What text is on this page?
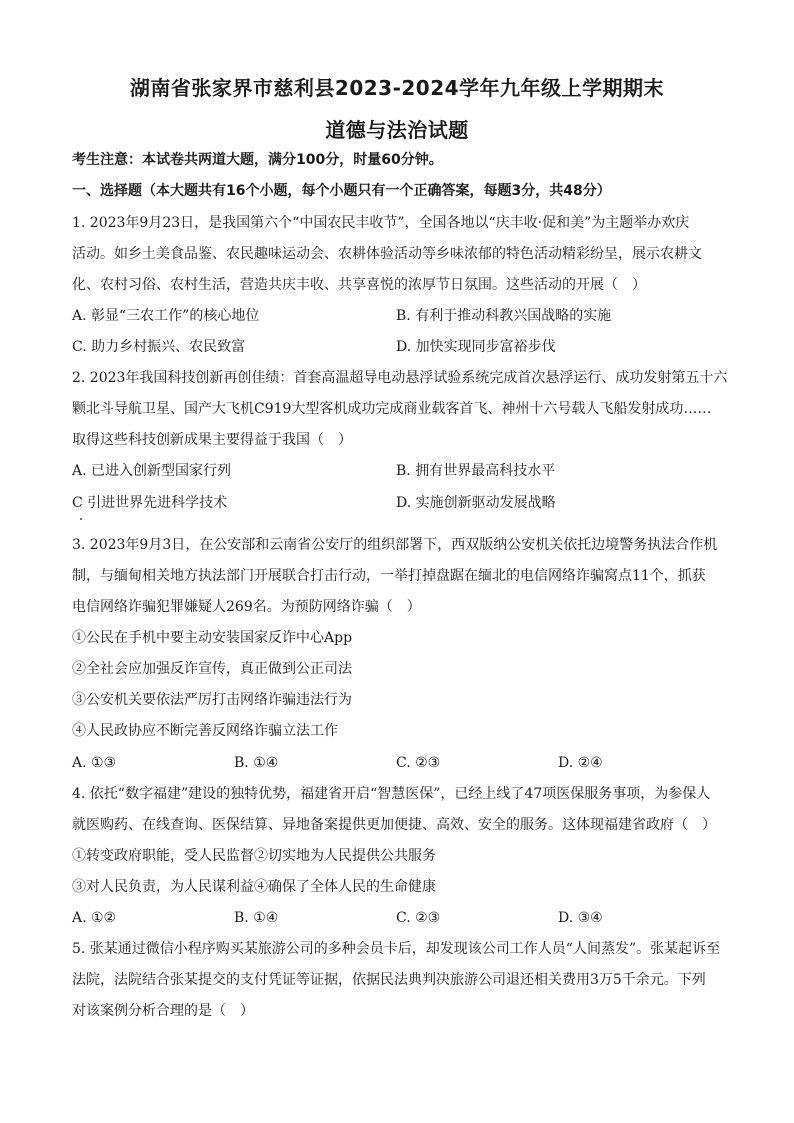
湖南省张家界市慈利县2023-2024学年九年级上学期期末
道德与法治试题
考生注意：本试卷共两道大题，满分100分，时量60分钟。
一、选择题（本大题共有16个小题，每个小题只有一个正确答案，每题3分，共48分）
1. 2023年9月23日，是我国第六个“中国农民丰收节”，全国各地以“庆丰收·促和美”为主题举办欢庆
活动。如乡土美食品鉴、农民趣味运动会、农耕体验活动等乡味浓郁的特色活动精彩纷呈，展示农耕文
化、农村习俗、农村生活，营造共庆丰收、共享喜悦的浓厚节日氛围。这些活动的开展（　）
A. 彰显“三农工作”的核心地位	B. 有利于推动科教兴国战略的实施
C. 助力乡村振兴、农民致富	D. 加快实现同步富裕步伐
2. 2023年我国科技创新再创佳绩：首套高温超导电动悬浮试验系统完成首次悬浮运行、成功发射第五十六
颗北斗导航卫星、国产大飞机C919大型客机成功完成商业载客首飞、神州十六号载人飞船发射成功……
取得这些科技创新成果主要得益于我国（　）
A. 已进入创新型国家行列	B. 拥有世界最高科技水平
C 引进世界先进科学技术	D. 实施创新驱动发展战略
3. 2023年9月3日，在公安部和云南省公安厅的组织部署下，西双版纳公安机关依托边境警务执法合作机
制，与缅甸相关地方执法部门开展联合打击行动，一举打掉盘踞在缅北的电信网络诈骗窝点11个，抓获
电信网络诈骗犯罪嫌疑人269名。为预防网络诈骗（　）
①公民在手机中要主动安装国家反诈中心App
②全社会应加强反诈宣传，真正做到公正司法
③公安机关要依法严厉打击网络诈骗违法行为
④人民政协应不断完善反网络诈骗立法工作
A. ①③	B. ①④	C. ②③	D. ②④
4. 依托“数字福建”建设的独特优势，福建省开启“智慧医保”，已经上线了47项医保服务事项，为参保人
就医购药、在线查询、医保结算、异地备案提供更加便捷、高效、安全的服务。这体现福建省政府（　）
①转变政府职能，受人民监督②切实地为人民提供公共服务
③对人民负责，为人民谋利益④确保了全体人民的生命健康
A. ①②	B. ①④	C. ②③	D. ③④
5. 张某通过微信小程序购买某旅游公司的多种会员卡后，却发现该公司工作人员“人间蒸发”。张某起诉至
法院，法院结合张某提交的支付凭证等证据，依据民法典判决旅游公司退还相关费用3万5千余元。下列
对该案例分析合理的是（　）
